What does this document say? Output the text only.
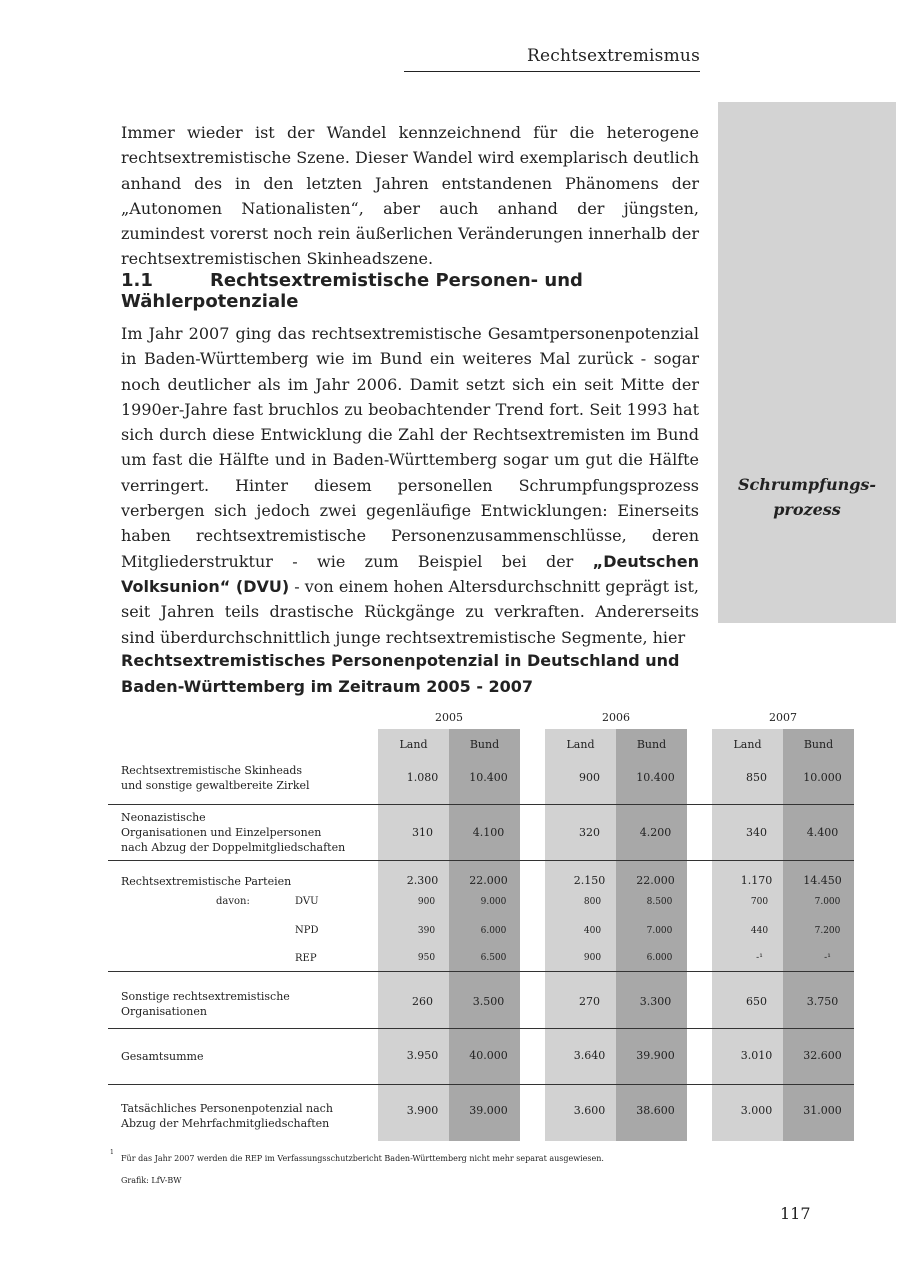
Rechtsextremismus
Schrumpfungs-
prozess

Immer wieder ist der Wandel kennzeichnend für die heterogene rechtsextremistische Szene. Dieser Wandel wird exemplarisch deutlich anhand des in den letzten Jahren entstandenen Phänomens der „Autonomen Nationalisten“, aber auch anhand der jüngsten, zumindest vorerst noch rein äußerlichen Veränderungen innerhalb der rechtsextremistischen Skinheadszene.

1.1	Rechtsextremistische Personen- und Wählerpotenziale

Im Jahr 2007 ging das rechtsextremistische Gesamtpersonenpotenzial in Baden-Württemberg wie im Bund ein weiteres Mal zurück - sogar noch deutlicher als im Jahr 2006. Damit setzt sich ein seit Mitte der 1990er-Jahre fast bruchlos zu beobachtender Trend fort. Seit 1993 hat sich durch diese Entwicklung die Zahl der Rechtsextremisten im Bund um fast die Hälfte und in Baden-Württemberg sogar um gut die Hälfte verringert. Hinter diesem personellen Schrumpfungsprozess verbergen sich jedoch zwei gegenläufige Entwicklungen: Einerseits haben rechtsextremistische Personenzusammenschlüsse, deren Mitgliederstruktur - wie zum Beispiel bei der „Deutschen Volksunion“ (DVU) - von einem hohen Altersdurchschnitt geprägt ist, seit Jahren teils drastische Rückgänge zu verkraften. Andererseits sind überdurchschnittlich junge rechtsextremistische Segmente, hier

Rechtsextremistisches Personenpotenzial in Deutschland und
Baden-Württemberg im Zeitraum 2005 - 2007
2005	2006	2007
Land	Bund	Land	Bund	Land	Bund
Rechtsextremistische Skinheads
und sonstige gewaltbereite Zirkel
1.080	10.400	900	10.400	850	10.000
Neonazistische
Organisationen und Einzelpersonen
nach Abzug der Doppelmitgliedschaften
310	4.100	320	4.200	340	4.400
Rechtsextremistische Parteien	2.300	22.000	2.150	22.000	1.170	14.450
davon:	DVU	900	9.000	800	8.500	700	7.000
NPD	390	6.000	400	7.000	440	7.200
REP	950	6.500	900	6.000	-¹	-¹
Sonstige rechtsextremistische
Organisationen
260	3.500	270	3.300	650	3.750
Gesamtsumme	3.950	40.000	3.640	39.900	3.010	32.600
Tatsächliches Personenpotenzial nach
Abzug der Mehrfachmitgliedschaften
3.900	39.000	3.600	38.600	3.000	31.000
1
Für das Jahr 2007 werden die REP im Verfassungsschutzbericht Baden-Württemberg nicht mehr separat ausgewiesen.
Grafik: LfV-BW
117
